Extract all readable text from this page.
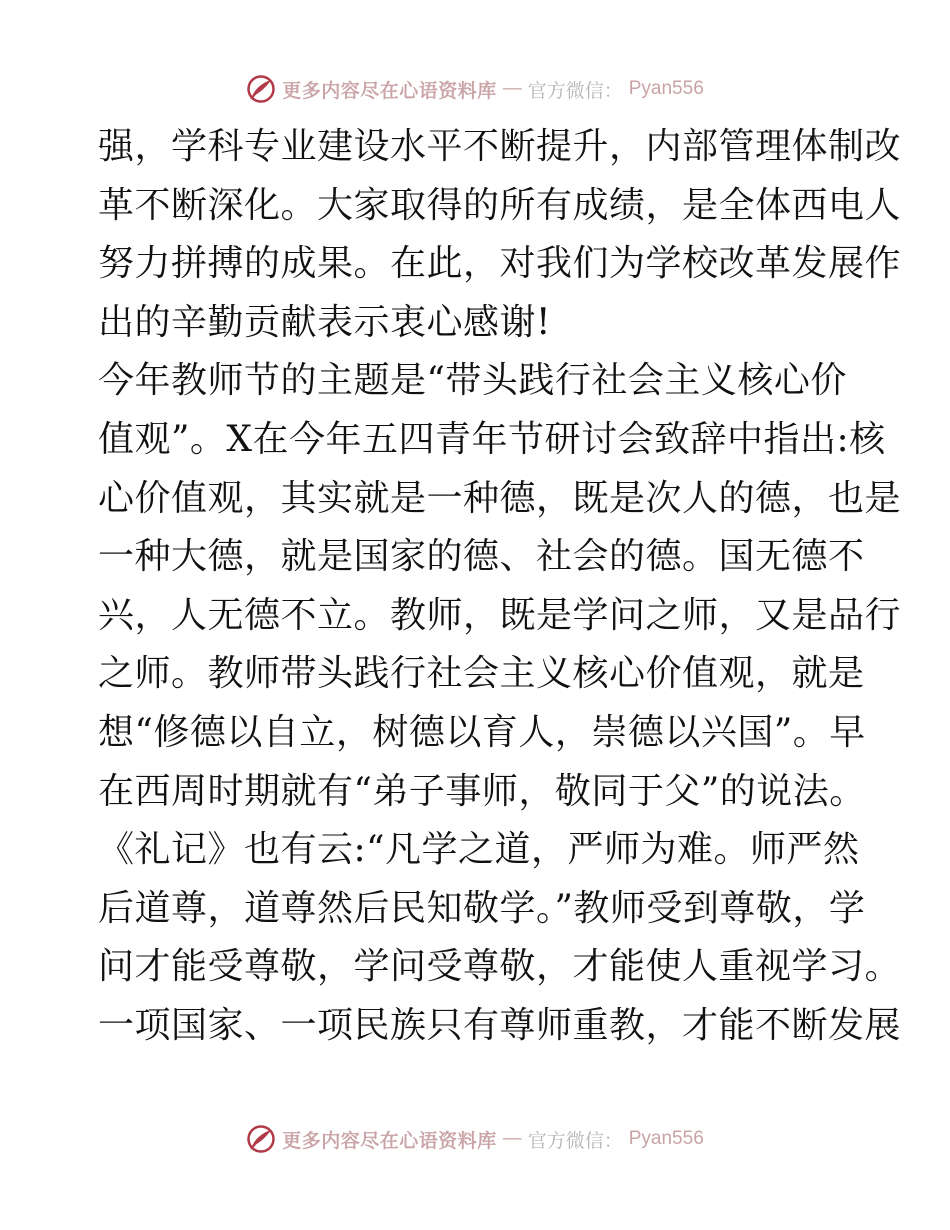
更多内容尽在心语资料库 — 官方微信： Pyan556
强，学科专业建设水平不断提升，内部管理体制改
革不断深化。大家取得的所有成绩，是全体西电人
努力拼搏的成果。在此，对我们为学校改革发展作
出的辛勤贡献表示衷心感谢!
今年教师节的主题是“带头践行社会主义核心价
值观”。X在今年五四青年节研讨会致辞中指出:核
心价值观，其实就是一种德，既是次人的德，也是
一种大德，就是国家的德、社会的德。国无德不
兴，人无德不立。教师，既是学问之师，又是品行
之师。教师带头践行社会主义核心价值观，就是
想“修德以自立，树德以育人，崇德以兴国”。早
在西周时期就有“弟子事师，敬同于父”的说法。
《礼记》也有云:“凡学之道，严师为难。师严然
后道尊，道尊然后民知敬学。”教师受到尊敬，学
问才能受尊敬，学问受尊敬，才能使人重视学习。
一项国家、一项民族只有尊师重教，才能不断发展
更多内容尽在心语资料库 — 官方微信： Pyan556
